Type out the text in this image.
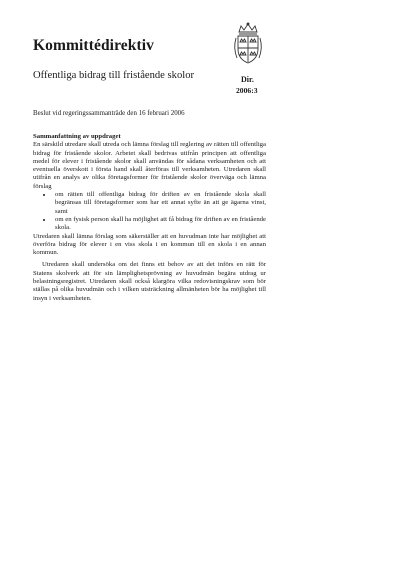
Kommittédirektiv
Offentliga bidrag till fristående skolor	Dir.
2006:3
Beslut vid regeringssammanträde den 16 februari 2006

Sammanfattning av uppdraget

En särskild utredare skall utreda och lämna förslag till reglering av rätten till offentliga bidrag för fristående skolor. Arbetet skall bedrivas utifrån principen att offentliga medel för elever i fristående skolor skall användas för sådana verksamheten och att eventuella överskott i första hand skall återföras till verksamheten. Utredaren skall utifrån en analys av olika företagsformer för fristående skolor överväga och lämna förslag

• om rätten till offentliga bidrag för driften av en fristående skola skall begränsas till företagsformer som har ett annat syfte än att ge ägarna vinst, samt
• om en fysisk person skall ha möjlighet att få bidrag för driften av en fristående skola.

Utredaren skall lämna förslag som säkerställer att en huvudman inte har möjlighet att överföra bidrag för elever i en viss skola i en kommun till en skola i en annan kommun.

Utredaren skall undersöka om det finns ett behov av att det införs en rätt för Statens skolverk att för sin lämplighetsprövning av huvudmän begära utdrag ur belastningsregistret. Utredaren skall också klargöra vilka redovisningskrav som bör ställas på olika huvudmän och i vilken utsträckning allmänheten bör ha möjlighet till insyn i verksamheten.
